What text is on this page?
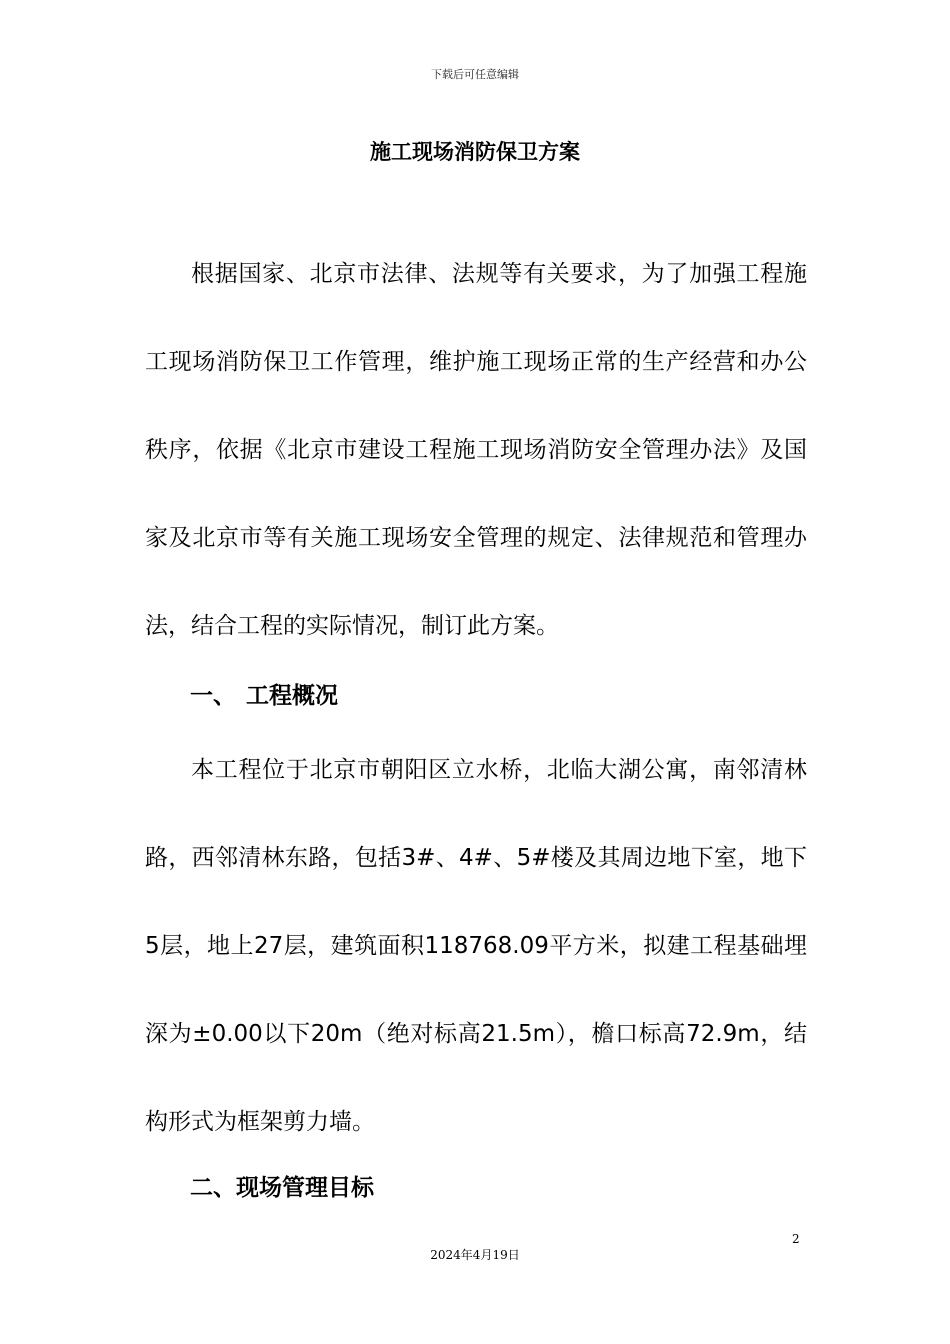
下载后可任意编辑
施工现场消防保卫方案

根据国家、北京市法律、法规等有关要求，为了加强工程施工现场消防保卫工作管理，维护施工现场正常的生产经营和办公秩序，依据《北京市建设工程施工现场消防安全管理办法》及国家及北京市等有关施工现场安全管理的规定、法律规范和管理办法，结合工程的实际情况，制订此方案。

一、 工程概况

本工程位于北京市朝阳区立水桥，北临大湖公寓，南邻清林路，西邻清林东路，包括3#、4#、5#楼及其周边地下室，地下5层，地上27层，建筑面积118768.09平方米，拟建工程基础埋深为±0.00以下20m（绝对标高21.5m），檐口标高72.9m，结构形式为框架剪力墙。

二、现场管理目标
2
2024年4月19日
